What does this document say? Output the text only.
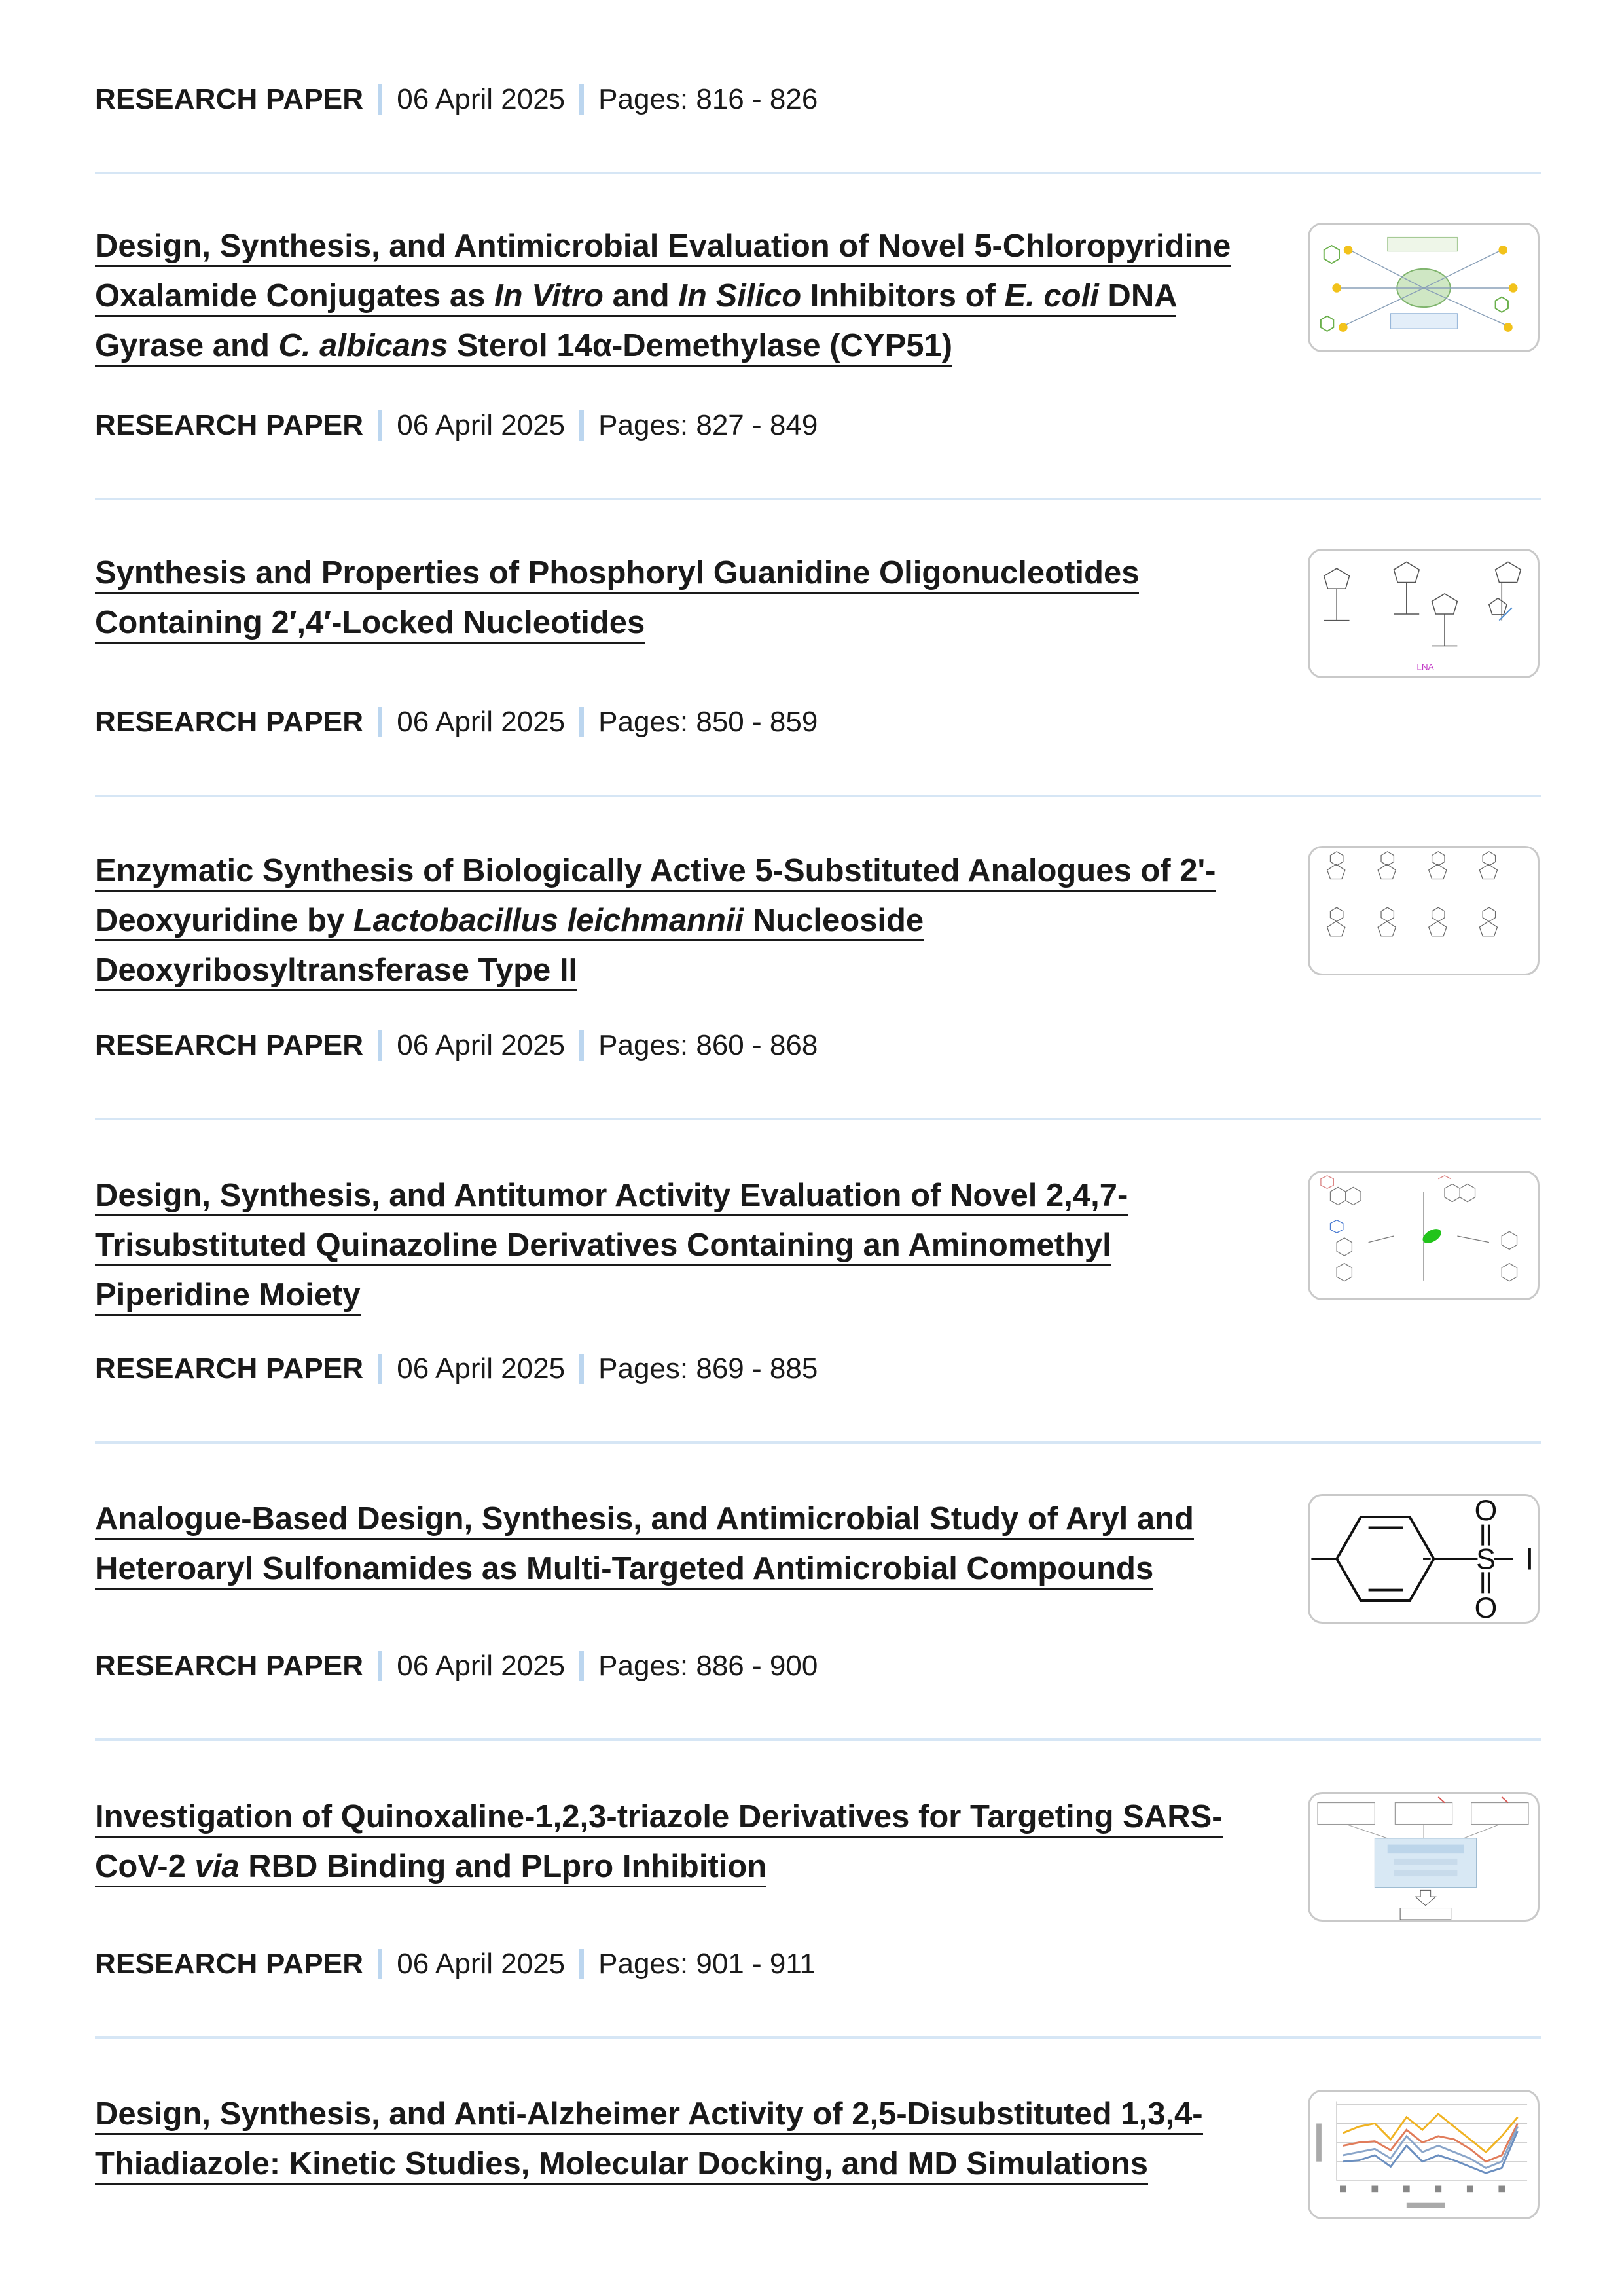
RESEARCH PAPER 06 April 2025 Pages: 816 - 826
Design, Synthesis, and Antimicrobial Evaluation of Novel 5-Chloropyridine Oxalamide Conjugates as In Vitro and In Silico Inhibitors of E. coli DNA Gyrase and C. albicans Sterol 14α-Demethylase (CYP51)
RESEARCH PAPER 06 April 2025 Pages: 827 - 849
Synthesis and Properties of Phosphoryl Guanidine Oligonucleotides Containing 2′,4′-Locked Nucleotides
LNA
RESEARCH PAPER 06 April 2025 Pages: 850 - 859
Enzymatic Synthesis of Biologically Active 5-Substituted Analogues of 2'-Deoxyuridine by Lactobacillus leichmannii Nucleoside Deoxyribosyltransferase Type II
RESEARCH PAPER 06 April 2025 Pages: 860 - 868
Design, Synthesis, and Antitumor Activity Evaluation of Novel 2,4,7-Trisubstituted Quinazoline Derivatives Containing an Aminomethyl Piperidine Moiety
RESEARCH PAPER 06 April 2025 Pages: 869 - 885
Analogue-Based Design, Synthesis, and Antimicrobial Study of Aryl and Heteroaryl Sulfonamides as Multi-Targeted Antimicrobial Compounds
O
S
O
RESEARCH PAPER 06 April 2025 Pages: 886 - 900
Investigation of Quinoxaline-1,2,3-triazole Derivatives for Targeting SARS-CoV-2 via RBD Binding and PLpro Inhibition
RESEARCH PAPER 06 April 2025 Pages: 901 - 911
Design, Synthesis, and Anti-Alzheimer Activity of 2,5-Disubstituted 1,3,4-Thiadiazole: Kinetic Studies, Molecular Docking, and MD Simulations
